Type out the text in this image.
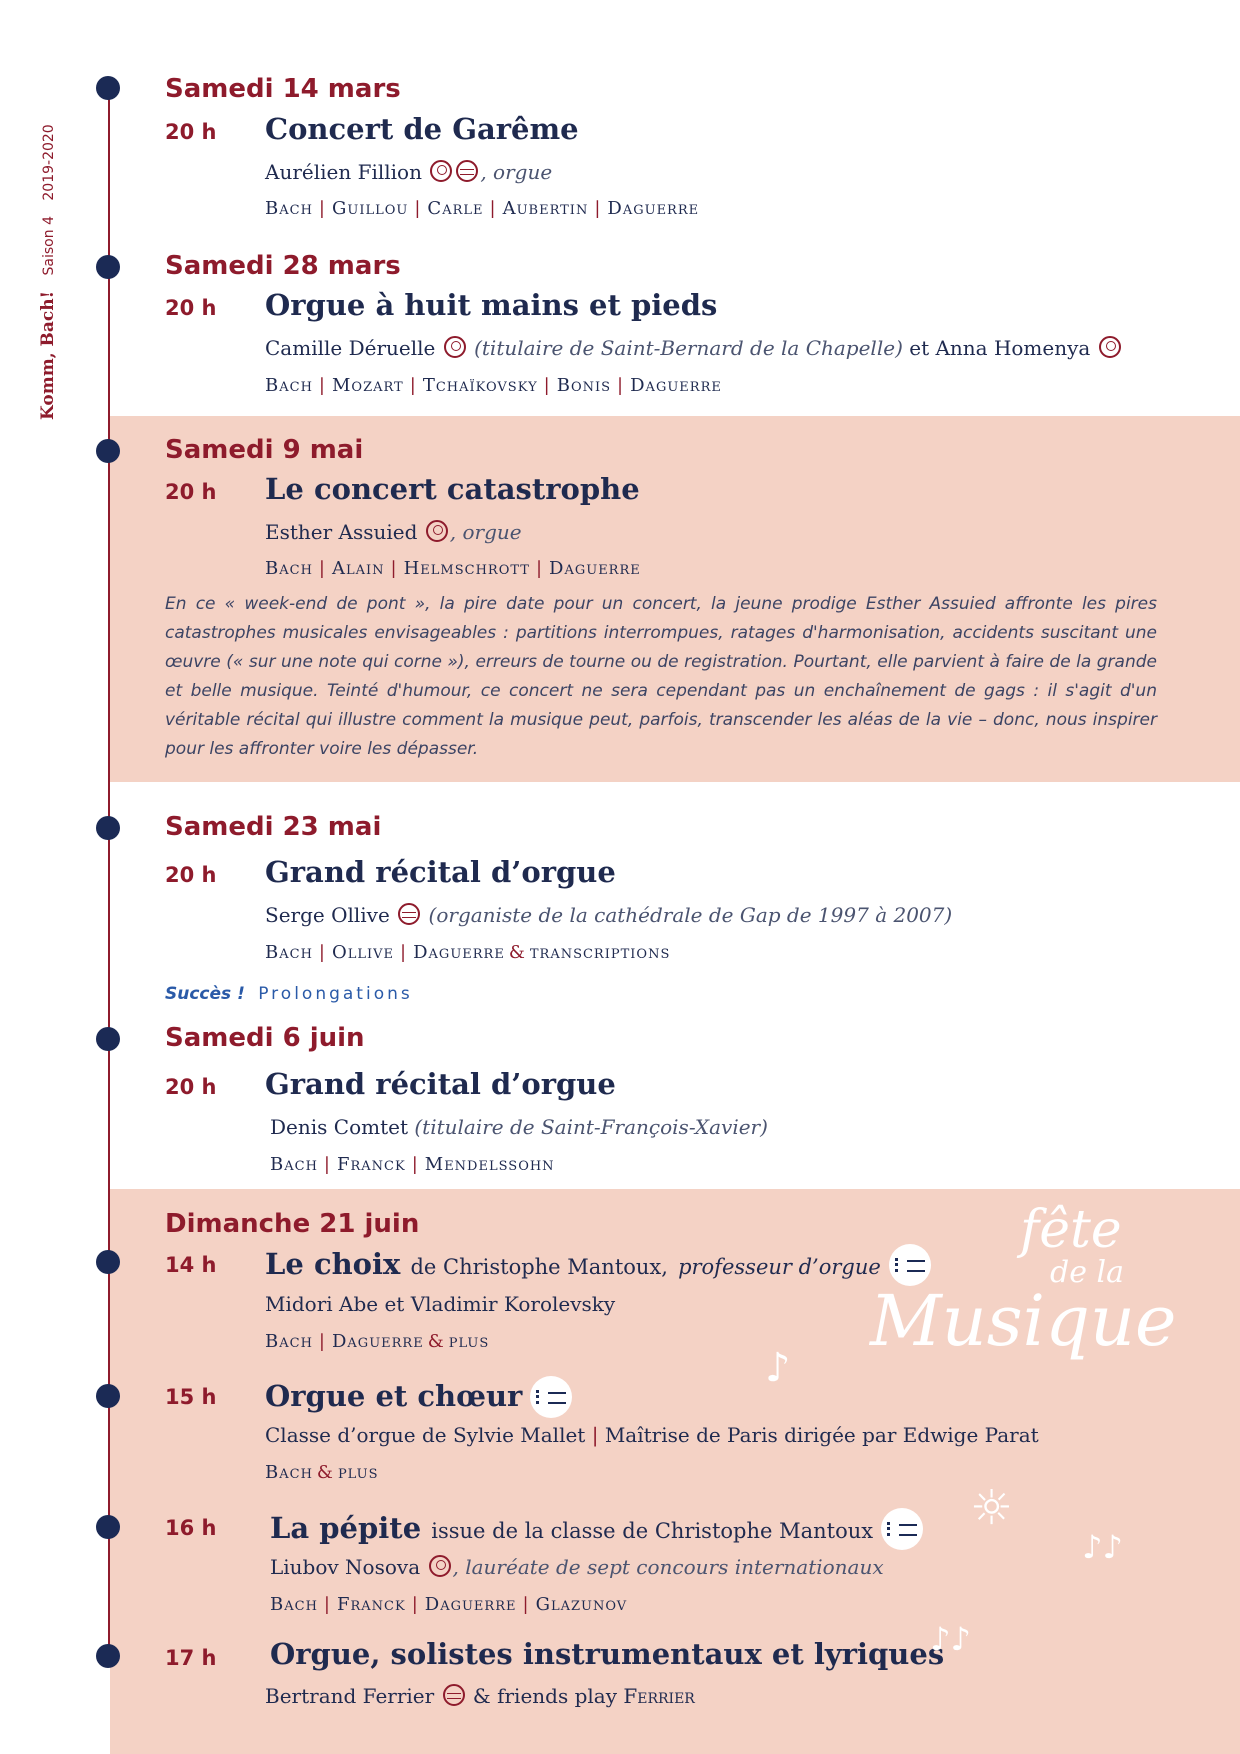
Komm, Bach! Saison 4 2019-2020
Samedi 14 mars
20 h Concert de Garême
Aurélien Fillion	, orgue
Bach | Guillou | Carle | Aubertin | Daguerre
Samedi 28 mars
20 h Orgue à huit mains et pieds
Camille Déruelle (titulaire de Saint-Bernard de la Chapelle) et Anna Homenya
Bach | Mozart | Tchaïkovsky | Bonis | Daguerre
Samedi 9 mai
20 h Le concert catastrophe
Esther Assuied , orgue
Bach | Alain | Helmschrott | Daguerre

En ce « week-end de pont », la pire date pour un concert, la jeune prodige Esther Assuied affronte les pires catastrophes musicales envisageables : partitions interrompues, ratages d'harmonisation, accidents suscitant une œuvre (« sur une note qui corne »), erreurs de tourne ou de registration. Pourtant, elle parvient à faire de la grande et belle musique. Teinté d'humour, ce concert ne sera cependant pas un enchaînement de gags : il s'agit d'un véritable récital qui illustre comment la musique peut, parfois, transcender les aléas de la vie – donc, nous inspirer pour les affronter voire les dépasser.

Samedi 23 mai
20 h Grand récital d’orgue
Serge Ollive (organiste de la cathédrale de Gap de 1997 à 2007)
Bach | Ollive | Daguerre & transcriptions
Succès ! Prolongations
Samedi 6 juin
20 h Grand récital d’orgue
Denis Comtet (titulaire de Saint-François-Xavier)
Bach | Franck | Mendelssohn
Dimanche 21 juin
14 h Le choix de Christophe Mantoux, professeur d’orgue
Midori Abe et Vladimir Korolevsky
Bach | Daguerre & plus
15 h Orgue et chœur
Classe d’orgue de Sylvie Mallet | Maîtrise de Paris dirigée par Edwige Parat
Bach & plus
16 h La pépite issue de la classe de Christophe Mantoux
Liubov Nosova , lauréate de sept concours internationaux
Bach | Franck | Daguerre | Glazunov
17 h Orgue, solistes instrumentaux et lyriques
Bertrand Ferrier & friends play Ferrier
fête
de la
Musique
♪
☼
♪♪
♪♪
